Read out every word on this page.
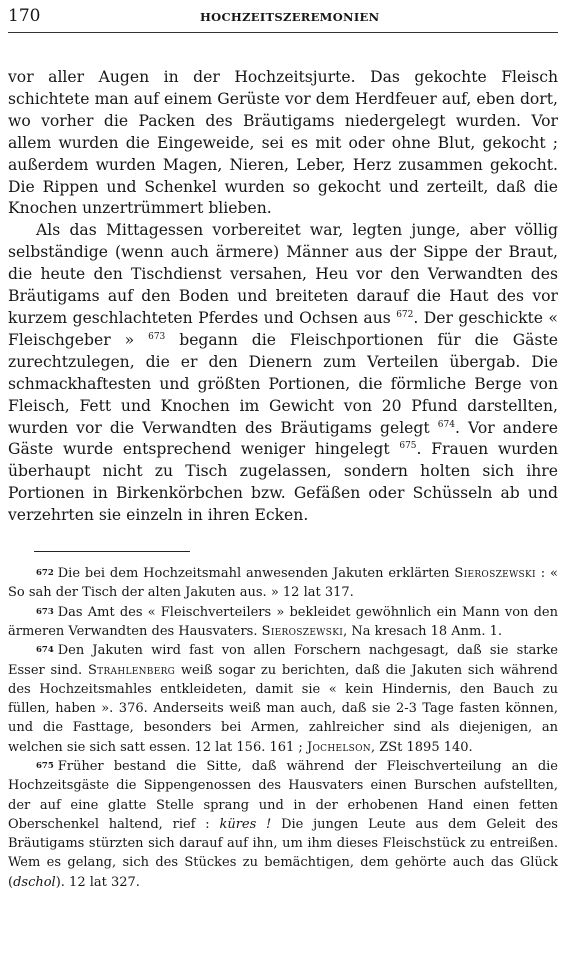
170	HOCHZEITSZEREMONIEN

vor aller Augen in der Hochzeitsjurte. Das gekochte Fleisch schichtete man auf einem Gerüste vor dem Herdfeuer auf, eben dort, wo vorher die Packen des Bräutigams niedergelegt wurden. Vor allem wurden die Eingeweide, sei es mit oder ohne Blut, gekocht ; außerdem wurden Magen, Nieren, Leber, Herz zusammen gekocht. Die Rippen und Schenkel wurden so gekocht und zerteilt, daß die Knochen unzertrümmert blieben.

Als das Mittagessen vorbereitet war, legten junge, aber völlig selbständige (wenn auch ärmere) Männer aus der Sippe der Braut, die heute den Tischdienst versahen, Heu vor den Verwandten des Bräutigams auf den Boden und breiteten darauf die Haut des vor kurzem geschlachteten Pferdes und Ochsen aus $^{672}$. Der geschickte « Fleischgeber » $^{673}$ begann die Fleischportionen für die Gäste zurechtzulegen, die er den Dienern zum Verteilen übergab. Die schmackhaftesten und größten Portionen, die förmliche Berge von Fleisch, Fett und Knochen im Gewicht von 20 Pfund darstellten, wurden vor die Verwandten des Bräutigams gelegt $^{674}$. Vor andere Gäste wurde entsprechend weniger hingelegt $^{675}$. Frauen wurden überhaupt nicht zu Tisch zugelassen, sondern holten sich ihre Portionen in Birkenkörbchen bzw. Gefäßen oder Schüsseln ab und verzehrten sie einzeln in ihren Ecken.

672 Die bei dem Hochzeitsmahl anwesenden Jakuten erklärten Sieroszewski : « So sah der Tisch der alten Jakuten aus. » 12 lat 317.

673 Das Amt des « Fleischverteilers » bekleidet gewöhnlich ein Mann von den ärmeren Verwandten des Hausvaters. Sieroszewski, Na kresach 18 Anm. 1.

674 Den Jakuten wird fast von allen Forschern nachgesagt, daß sie starke Esser sind. Strahlenberg weiß sogar zu berichten, daß die Jakuten sich während des Hochzeitsmahles entkleideten, damit sie « kein Hindernis, den Bauch zu füllen, haben ». 376. Anderseits weiß man auch, daß sie 2-3 Tage fasten können, und die Fasttage, besonders bei Armen, zahlreicher sind als diejenigen, an welchen sie sich satt essen. 12 lat 156. 161 ; Jochelson, ZSt 1895 140.

675 Früher bestand die Sitte, daß während der Fleischverteilung an die Hochzeitsgäste die Sippengenossen des Hausvaters einen Burschen aufstellten, der auf eine glatte Stelle sprang und in der erhobenen Hand einen fetten Oberschenkel haltend, rief : küres ! Die jungen Leute aus dem Geleit des Bräutigams stürzten sich darauf auf ihn, um ihm dieses Fleischstück zu entreißen. Wem es gelang, sich des Stückes zu bemächtigen, dem gehörte auch das Glück (dschol). 12 lat 327.
